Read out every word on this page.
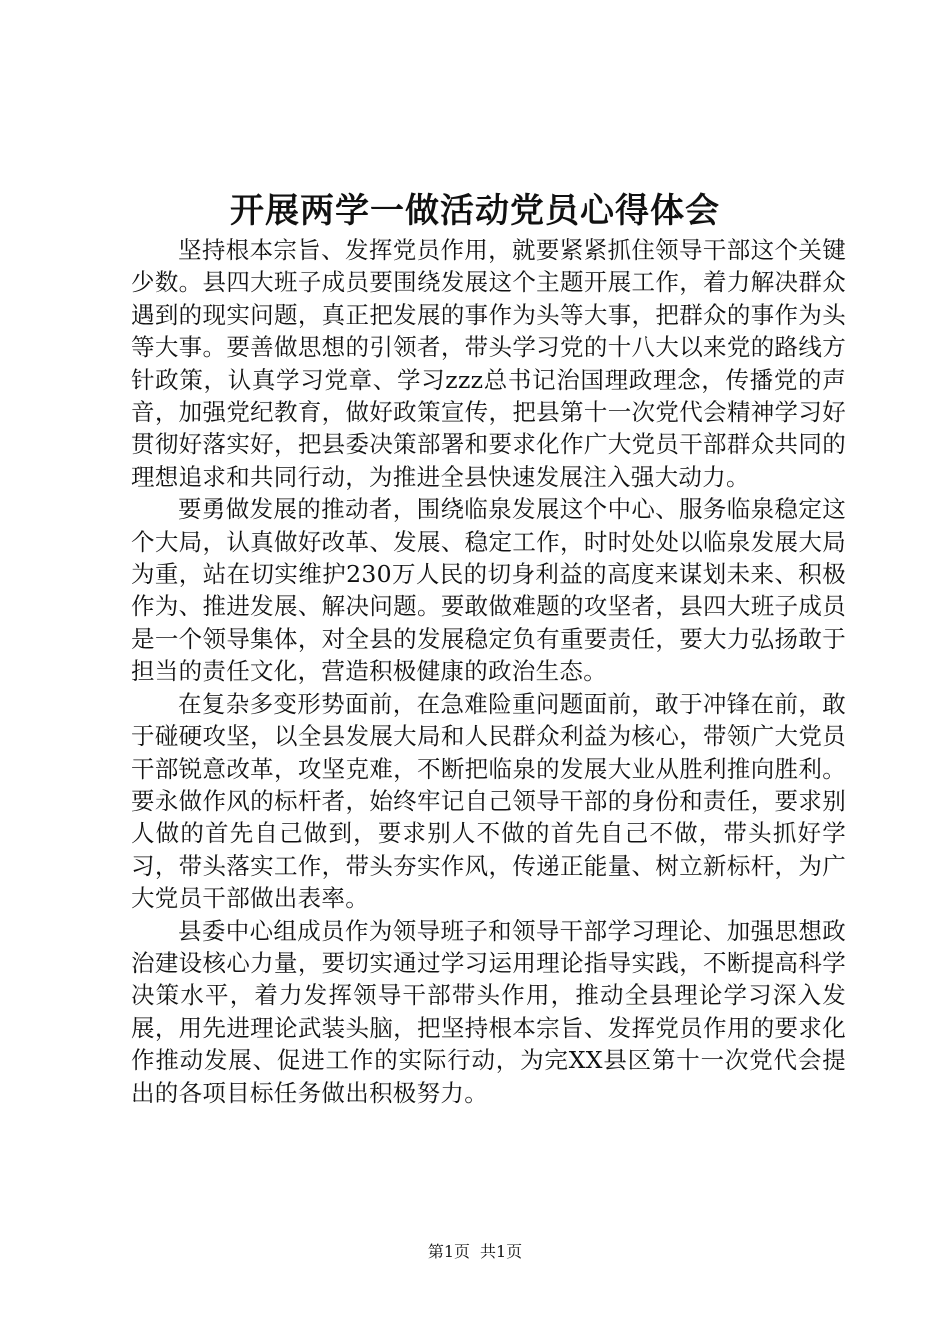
开展两学一做活动党员心得体会

坚持根本宗旨、发挥党员作用，就要紧紧抓住领导干部这个关键少数。县四大班子成员要围绕发展这个主题开展工作，着力解决群众遇到的现实问题，真正把发展的事作为头等大事，把群众的事作为头等大事。要善做思想的引领者，带头学习党的十八大以来党的路线方针政策，认真学习党章、学习zzz总书记治国理政理念，传播党的声音，加强党纪教育，做好政策宣传，把县第十一次党代会精神学习好贯彻好落实好，把县委决策部署和要求化作广大党员干部群众共同的理想追求和共同行动，为推进全县快速发展注入强大动力。

要勇做发展的推动者，围绕临泉发展这个中心、服务临泉稳定这个大局，认真做好改革、发展、稳定工作，时时处处以临泉发展大局为重，站在切实维护230万人民的切身利益的高度来谋划未来、积极作为、推进发展、解决问题。要敢做难题的攻坚者，县四大班子成员是一个领导集体，对全县的发展稳定负有重要责任，要大力弘扬敢于担当的责任文化，营造积极健康的政治生态。

在复杂多变形势面前，在急难险重问题面前，敢于冲锋在前，敢于碰硬攻坚，以全县发展大局和人民群众利益为核心，带领广大党员干部锐意改革，攻坚克难，不断把临泉的发展大业从胜利推向胜利。要永做作风的标杆者，始终牢记自己领导干部的身份和责任，要求别人做的首先自己做到，要求别人不做的首先自己不做，带头抓好学习，带头落实工作，带头夯实作风，传递正能量、树立新标杆，为广大党员干部做出表率。

县委中心组成员作为领导班子和领导干部学习理论、加强思想政治建设核心力量，要切实通过学习运用理论指导实践，不断提高科学决策水平，着力发挥领导干部带头作用，推动全县理论学习深入发展，用先进理论武装头脑，把坚持根本宗旨、发挥党员作用的要求化作推动发展、促进工作的实际行动，为完XX县区第十一次党代会提出的各项目标任务做出积极努力。

第1页 共1页
